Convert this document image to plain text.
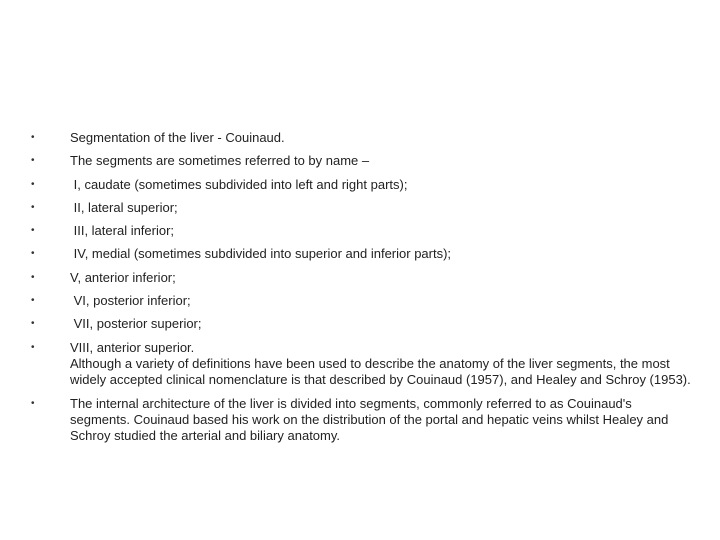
•	Segmentation of the liver - Couinaud.
•	The segments are sometimes referred to by name –
•	I, caudate (sometimes subdivided into left and right parts);
•	II, lateral superior;
•	III, lateral inferior;
•	IV, medial (sometimes subdivided into superior and inferior parts);
•	V, anterior inferior;
•	VI, posterior inferior;
•	VII, posterior superior;
•	VIII, anterior superior.
Although a variety of definitions have been used to describe the anatomy of the liver segments, the most widely accepted clinical nomenclature is that described by Couinaud (1957), and Healey and Schroy (1953).
•	The internal architecture of the liver is divided into segments, commonly referred to as Couinaud's segments. Couinaud based his work on the distribution of the portal and hepatic veins whilst Healey and Schroy studied the arterial and biliary anatomy.
